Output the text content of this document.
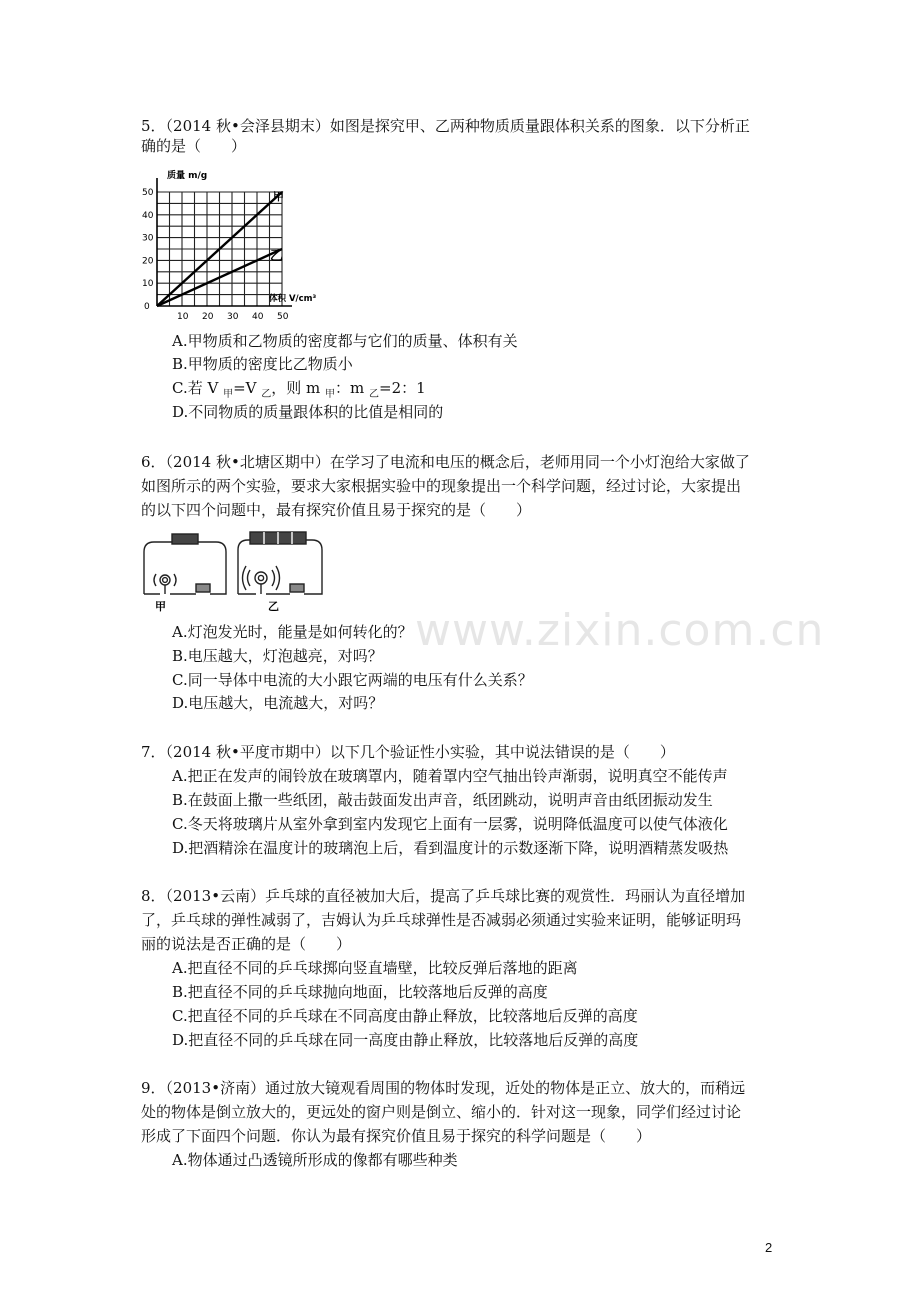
www.zixin.com.cn
5．（2014 秋•会泽县期末）如图是探究甲、乙两种物质质量跟体积关系的图象．以下分析正
确的是（　　）
50
40
30
20
10
0
10 20 30 40 50
质量 m/g
体积 V/cm³
甲
乙
A.甲物质和乙物质的密度都与它们的质量、体积有关
B.甲物质的密度比乙物质小
C.若 V $_甲$=V $_乙$，则 m $_甲$：m $_乙$=2：1
D.不同物质的质量跟体积的比值是相同的
6．（2014 秋•北塘区期中）在学习了电流和电压的概念后，老师用同一个小灯泡给大家做了
如图所示的两个实验，要求大家根据实验中的现象提出一个科学问题，经过讨论，大家提出
的以下四个问题中，最有探究价值且易于探究的是（　　）
甲	乙
A.灯泡发光时，能量是如何转化的？
B.电压越大，灯泡越亮，对吗？
C.同一导体中电流的大小跟它两端的电压有什么关系？
D.电压越大，电流越大，对吗？
7．（2014 秋•平度市期中）以下几个验证性小实验，其中说法错误的是（　　）
A.把正在发声的闹铃放在玻璃罩内，随着罩内空气抽出铃声渐弱，说明真空不能传声
B.在鼓面上撒一些纸团，敲击鼓面发出声音，纸团跳动，说明声音由纸团振动发生
C.冬天将玻璃片从室外拿到室内发现它上面有一层雾，说明降低温度可以使气体液化
D.把酒精涂在温度计的玻璃泡上后，看到温度计的示数逐渐下降，说明酒精蒸发吸热
8．（2013•云南）乒乓球的直径被加大后，提高了乒乓球比赛的观赏性．玛丽认为直径增加
了，乒乓球的弹性减弱了，吉姆认为乒乓球弹性是否减弱必须通过实验来证明，能够证明玛
丽的说法是否正确的是（　　）
A.把直径不同的乒乓球掷向竖直墙壁，比较反弹后落地的距离
B.把直径不同的乒乓球抛向地面，比较落地后反弹的高度
C.把直径不同的乒乓球在不同高度由静止释放，比较落地后反弹的高度
D.把直径不同的乒乓球在同一高度由静止释放，比较落地后反弹的高度
9．（2013•济南）通过放大镜观看周围的物体时发现，近处的物体是正立、放大的，而稍远
处的物体是倒立放大的，更远处的窗户则是倒立、缩小的．针对这一现象，同学们经过讨论
形成了下面四个问题．你认为最有探究价值且易于探究的科学问题是（　　）
A.物体通过凸透镜所形成的像都有哪些种类
2
